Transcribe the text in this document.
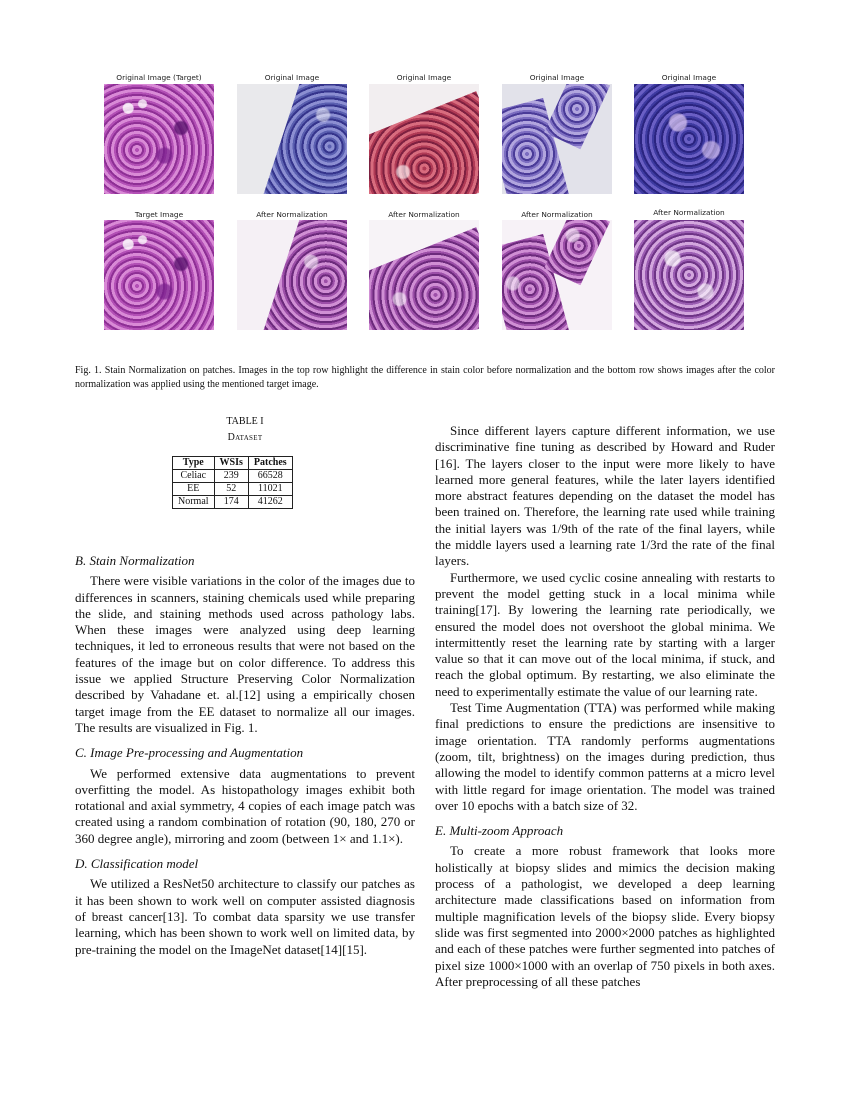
Original Image (Target)	Original Image	Original Image	Original Image	Original Image
Target Image	After Normalization	After Normalization	After Normalization	After Normalization
Fig. 1. Stain Normalization on patches. Images in the top row highlight the difference in stain color before normalization and the bottom row shows images after the color normalization was applied using the mentioned target image.
TABLE I
Dataset
Type	WSIs	Patches
Celiac	239	66528
EE	52	11021
Normal	174	41262

B. Stain Normalization

There were visible variations in the color of the images due to differences in scanners, staining chemicals used while preparing the slide, and staining methods used across pathology labs. When these images were analyzed using deep learning techniques, it led to erroneous results that were not based on the features of the image but on color difference. To address this issue we applied Structure Preserving Color Normalization described by Vahadane et. al.[12] using a empirically chosen target image from the EE dataset to normalize all our images. The results are visualized in Fig. 1.

C. Image Pre-processing and Augmentation

We performed extensive data augmentations to prevent overfitting the model. As histopathology images exhibit both rotational and axial symmetry, 4 copies of each image patch was created using a random combination of rotation (90, 180, 270 or 360 degree angle), mirroring and zoom (between 1× and 1.1×).

D. Classification model

We utilized a ResNet50 architecture to classify our patches as it has been shown to work well on computer assisted diagnosis of breast cancer[13]. To combat data sparsity we use transfer learning, which has been shown to work well on limited data, by pre-training the model on the ImageNet dataset[14][15].

Since different layers capture different information, we use discriminative fine tuning as described by Howard and Ruder [16]. The layers closer to the input were more likely to have learned more general features, while the later layers identified more abstract features depending on the dataset the model has been trained on. Therefore, the learning rate used while training the initial layers was 1/9th of the rate of the final layers, while the middle layers used a learning rate 1/3rd the rate of the final layers.

Furthermore, we used cyclic cosine annealing with restarts to prevent the model getting stuck in a local minima while training[17]. By lowering the learning rate periodically, we ensured the model does not overshoot the global minima. We intermittently reset the learning rate by starting with a larger value so that it can move out of the local minima, if stuck, and reach the global optimum. By restarting, we also eliminate the need to experimentally estimate the value of our learning rate.

Test Time Augmentation (TTA) was performed while making final predictions to ensure the predictions are insensitive to image orientation. TTA randomly performs augmentations (zoom, tilt, brightness) on the images during prediction, thus allowing the model to identify common patterns at a micro level with little regard for image orientation. The model was trained over 10 epochs with a batch size of 32.

E. Multi-zoom Approach

To create a more robust framework that looks more holistically at biopsy slides and mimics the decision making process of a pathologist, we developed a deep learning architecture made classifications based on information from multiple magnification levels of the biopsy slide. Every biopsy slide was first segmented into 2000×2000 patches as highlighted and each of these patches were further segmented into patches of pixel size 1000×1000 with an overlap of 750 pixels in both axes. After preprocessing of all these patches
